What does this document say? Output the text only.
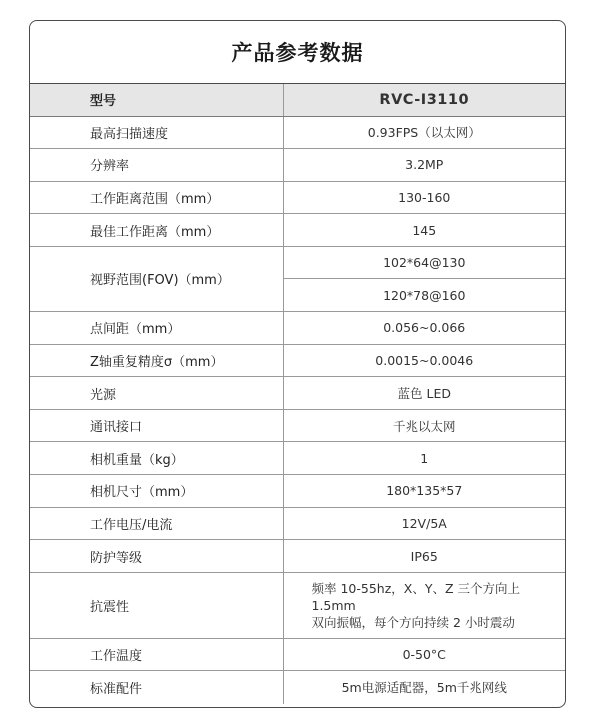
产品参考数据
型号	RVC-I3110
最高扫描速度	0.93FPS（以太网）
分辨率	3.2MP
工作距离范围（mm）	130-160
最佳工作距离（mm）	145
视野范围(FOV)（mm）	102*64@130
	120*78@160
点间距（mm）	0.056~0.066
Z轴重复精度σ（mm）	0.0015~0.0046
光源	蓝色 LED
通讯接口	千兆以太网
相机重量（kg）	1
相机尺寸（mm）	180*135*57
工作电压/电流	12V/5A
防护等级	IP65
抗震性	频率 10-55hz，X、Y、Z 三个方向上 1.5mm
双向振幅，每个方向持续 2 小时震动

工作温度	0-50°C
标准配件	5m电源适配器，5m千兆网线
